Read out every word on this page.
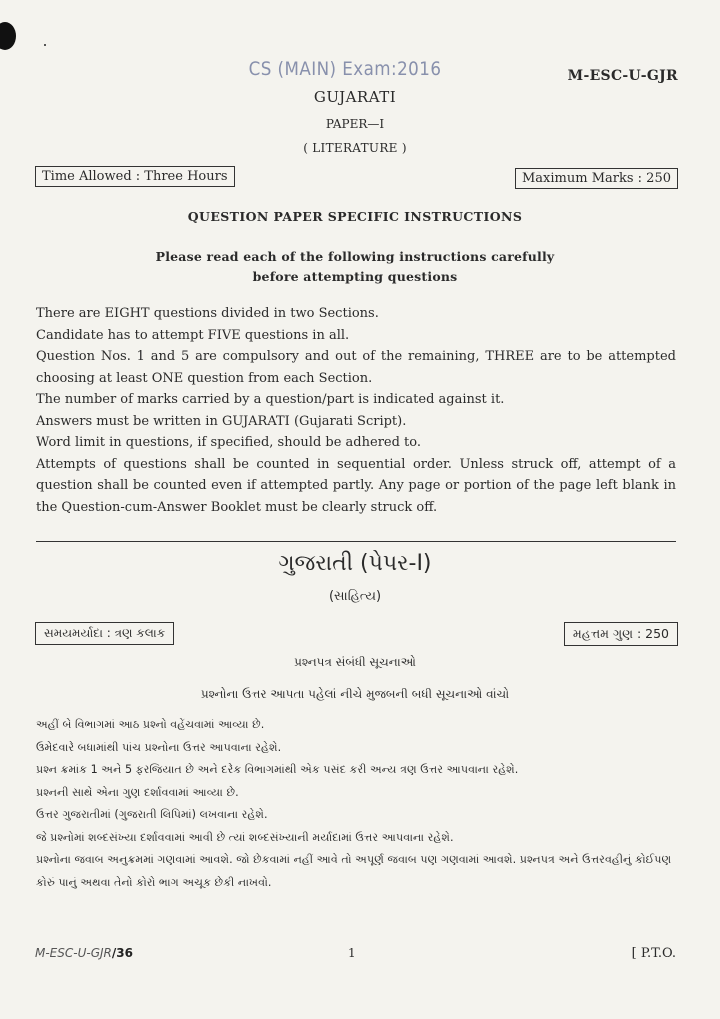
CS (MAIN) Exam:2016	M-ESC-U-GJR
GUJARATI
PAPER—I
( LITERATURE )
Time Allowed : Three Hours	Maximum Marks : 250
QUESTION PAPER SPECIFIC INSTRUCTIONS
Please read each of the following instructions carefully
before attempting questions

There are EIGHT questions divided in two Sections.

Candidate has to attempt FIVE questions in all.

Question Nos. 1 and 5 are compulsory and out of the remaining, THREE are to be attempted choosing at least ONE question from each Section.

The number of marks carried by a question/part is indicated against it.

Answers must be written in GUJARATI (Gujarati Script).

Word limit in questions, if specified, should be adhered to.

Attempts of questions shall be counted in sequential order. Unless struck off, attempt of a question shall be counted even if attempted partly. Any page or portion of the page left blank in the Question-cum-Answer Booklet must be clearly struck off.

ગુજરાતી (પેપર-I)
(સાહિત્ય)
સમયમર્યાદા : ત્રણ કલાક	મહત્તમ ગુણ : 250
પ્રશ્નપત્ર સંબંધી સૂચનાઓ
પ્રશ્નોના ઉત્તર આપતા પહેલાં નીચે મુજબની બધી સૂચનાઓ વાંચો

અહીં બે વિભાગમાં આઠ પ્રશ્નો વહેંચવામાં આવ્યા છે.

ઉમેદવારે બધામાંથી પાંચ પ્રશ્નોના ઉત્તર આપવાના રહેશે.

પ્રશ્ન ક્રમાંક 1 અને 5 ફરજિયાત છે અને દરેક વિભાગમાંથી એક પસંદ કરી અન્ય ત્રણ ઉત્તર આપવાના રહેશે.

પ્રશ્નની સાથે એના ગુણ દર્શાવવામાં આવ્યા છે.

ઉત્તર ગુજરાતીમાં (ગુજરાતી લિપિમાં) લખવાના રહેશે.

જે પ્રશ્નોમાં શબ્દસંખ્યા દર્શાવવામાં આવી છે ત્યાં શબ્દસંખ્યાની મર્યાદામાં ઉત્તર આપવાના રહેશે.

પ્રશ્નોના જવાબ અનુક્રમમાં ગણવામાં આવશે. જો છેકવામાં નહીં આવે તો અપૂર્ણ જવાબ પણ ગણવામાં આવશે. પ્રશ્નપત્ર અને ઉત્તરવહીનું કોઈપણ કોરું પાનું અથવા તેનો કોરો ભાગ અચૂક છેકી નાખવો.

M-ESC-U-GJR/36	1	[ P.T.O.
